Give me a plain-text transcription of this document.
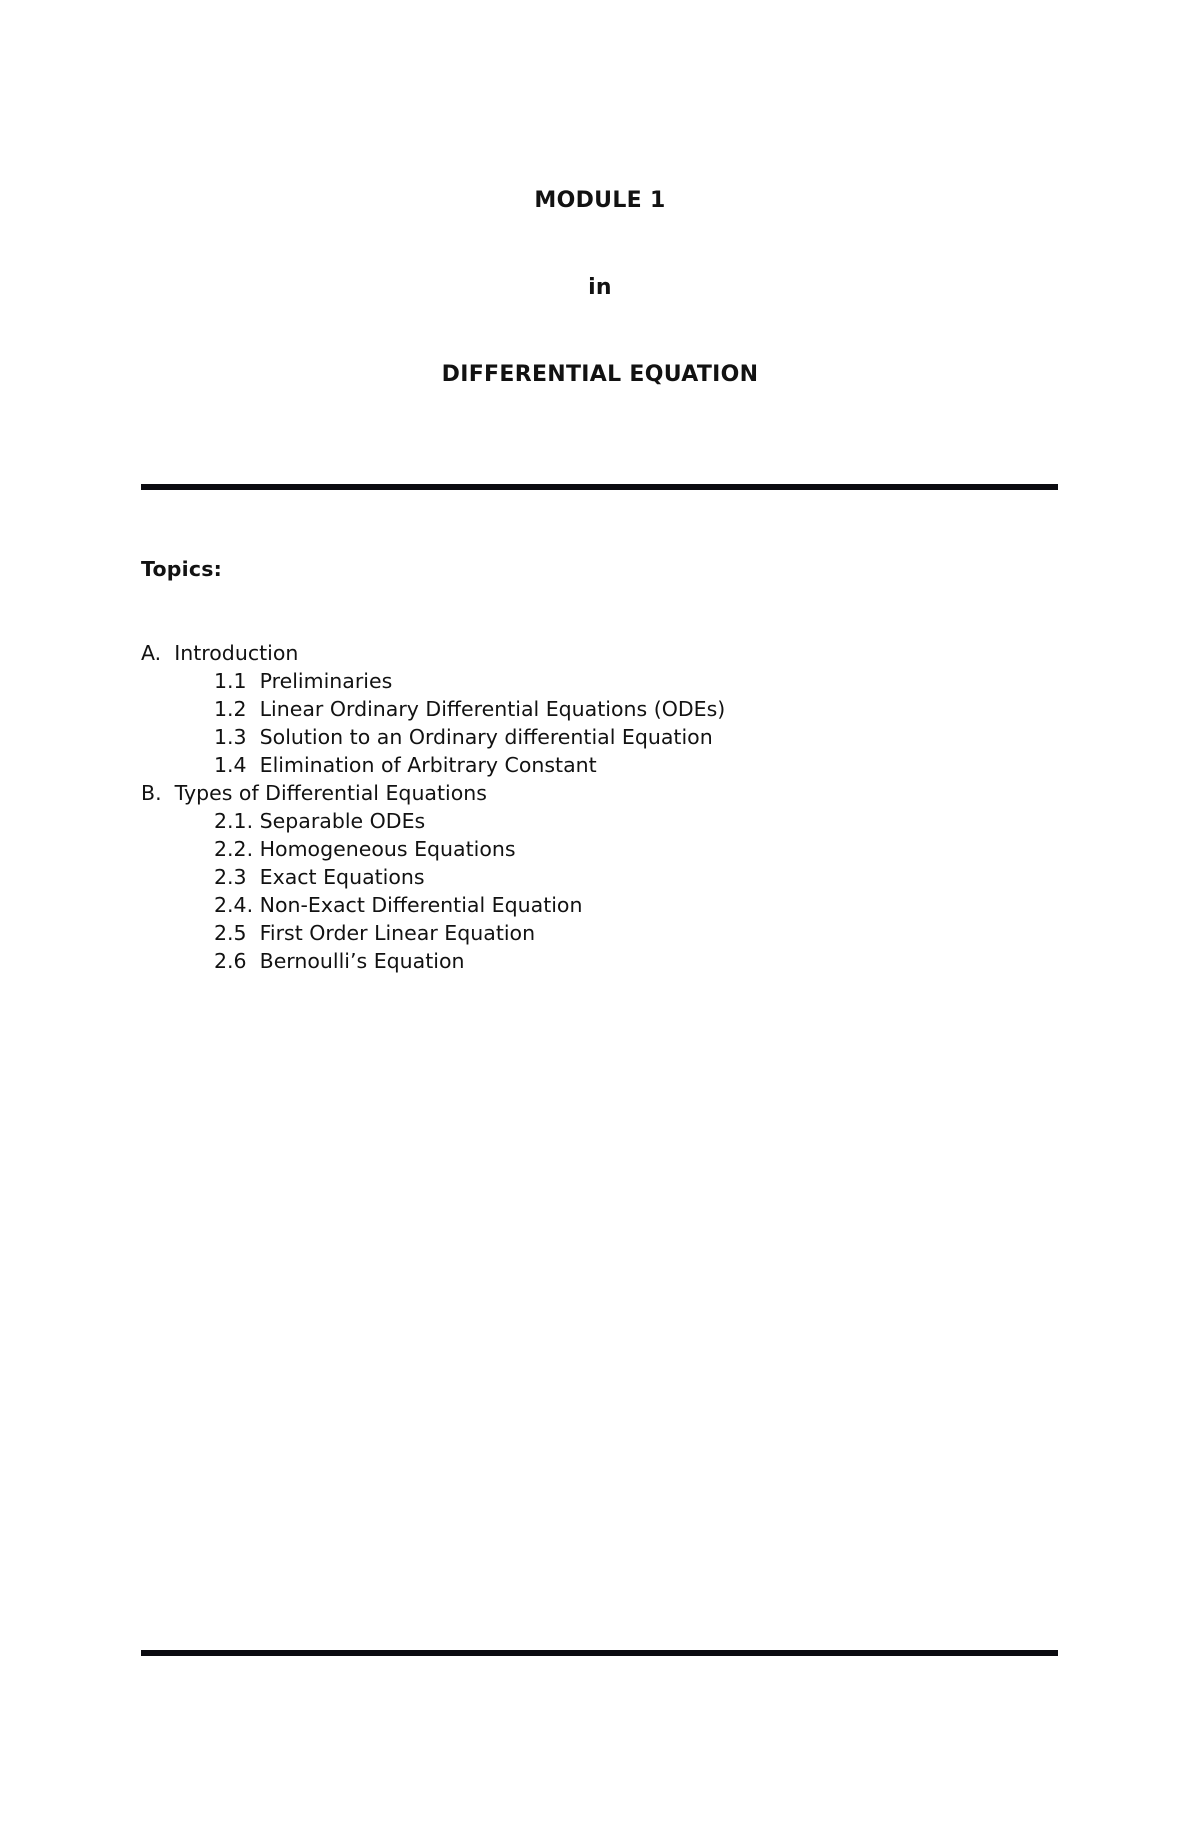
MODULE 1

in

DIFFERENTIAL EQUATION

Topics:

A.  Introduction
1.1  Preliminaries
1.2  Linear Ordinary Differential Equations (ODEs)
1.3  Solution to an Ordinary differential Equation
1.4  Elimination of Arbitrary Constant
B.  Types of Differential Equations
2.1. Separable ODEs
2.2. Homogeneous Equations
2.3  Exact Equations
2.4. Non-Exact Differential Equation
2.5  First Order Linear Equation
2.6  Bernoulli’s Equation
